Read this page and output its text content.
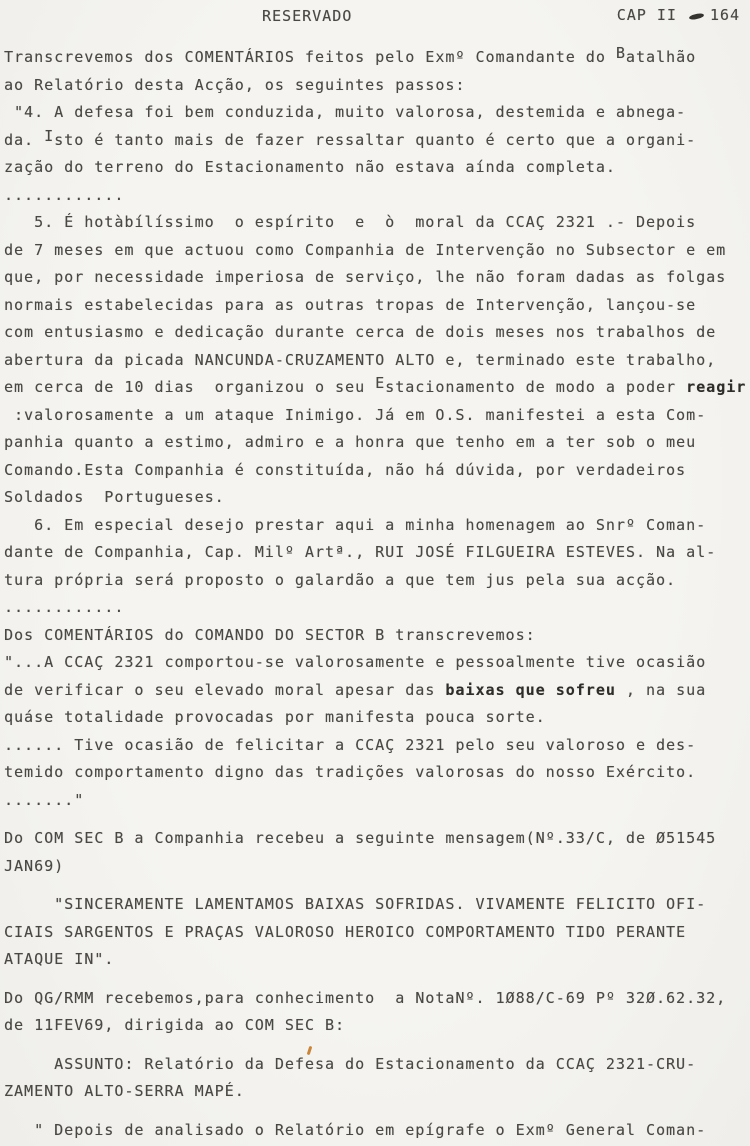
RESERVADO	CAP II 164
Transcrevemos dos COMENTÁRIOS feitos pelo Exmº Comandante do Batalhão
ao Relatório desta Acção, os seguintes passos:
"4. A defesa foi bem conduzida, muito valorosa, destemida e abnega-
da. Isto é tanto mais de fazer ressaltar quanto é certo que a organi-
zação do terreno do Estacionamento não estava aínda completa.
............
5. É hotàbílíssimo  o espírito  e  ò  moral da CCAÇ 2321 .- Depois
de 7 meses em que actuou como Companhia de Intervenção no Subsector e em
que, por necessidade imperiosa de serviço, lhe não foram dadas as folgas
normais estabelecidas para as outras tropas de Intervenção, lançou-se
com entusiasmo e dedicação durante cerca de dois meses nos trabalhos de
abertura da picada NANCUNDA-CRUZAMENTO ALTO e, terminado este trabalho,
em cerca de 10 dias  organizou o seu Estacionamento de modo a poder reagir
:valorosamente a um ataque Inimigo. Já em O.S. manifestei a esta Com-
panhia quanto a estimo, admiro e a honra que tenho em a ter sob o meu
Comando.Esta Companhia é constituída, não há dúvida, por verdadeiros
Soldados  Portugueses.
6. Em especial desejo prestar aqui a minha homenagem ao Snrº Coman-
dante de Companhia, Cap. Milº Artª., RUI JOSÉ FILGUEIRA ESTEVES. Na al-
tura própria será proposto o galardão a que tem jus pela sua acção.
............
Dos COMENTÁRIOS do COMANDO DO SECTOR B transcrevemos:
"...A CCAÇ 2321 comportou-se valorosamente e pessoalmente tive ocasião
de verificar o seu elevado moral apesar das baixas que sofreu , na sua
quáse totalidade provocadas por manifesta pouca sorte.
...... Tive ocasião de felicitar a CCAÇ 2321 pelo seu valoroso e des-
temido comportamento digno das tradições valorosas do nosso Exército.
......."
Do COM SEC B a Companhia recebeu a seguinte mensagem(Nº.33/C, de Ø51545
JAN69)
"SINCERAMENTE LAMENTAMOS BAIXAS SOFRIDAS. VIVAMENTE FELICITO OFI-
CIAIS SARGENTOS E PRAÇAS VALOROSO HEROICO COMPORTAMENTO TIDO PERANTE
ATAQUE IN".
Do QG/RMM recebemos,para conhecimento  a NotaNº. 1Ø88/C-69 Pº 32Ø.62.32,
de 11FEV69, dirigida ao COM SEC B:
ASSUNTO: Relatório da Defesa do Estacionamento da CCAÇ 2321-CRU-
ZAMENTO ALTO-SERRA MAPÉ.
" Depois de analisado o Relatório em epígrafe o Exmº General Coman-
